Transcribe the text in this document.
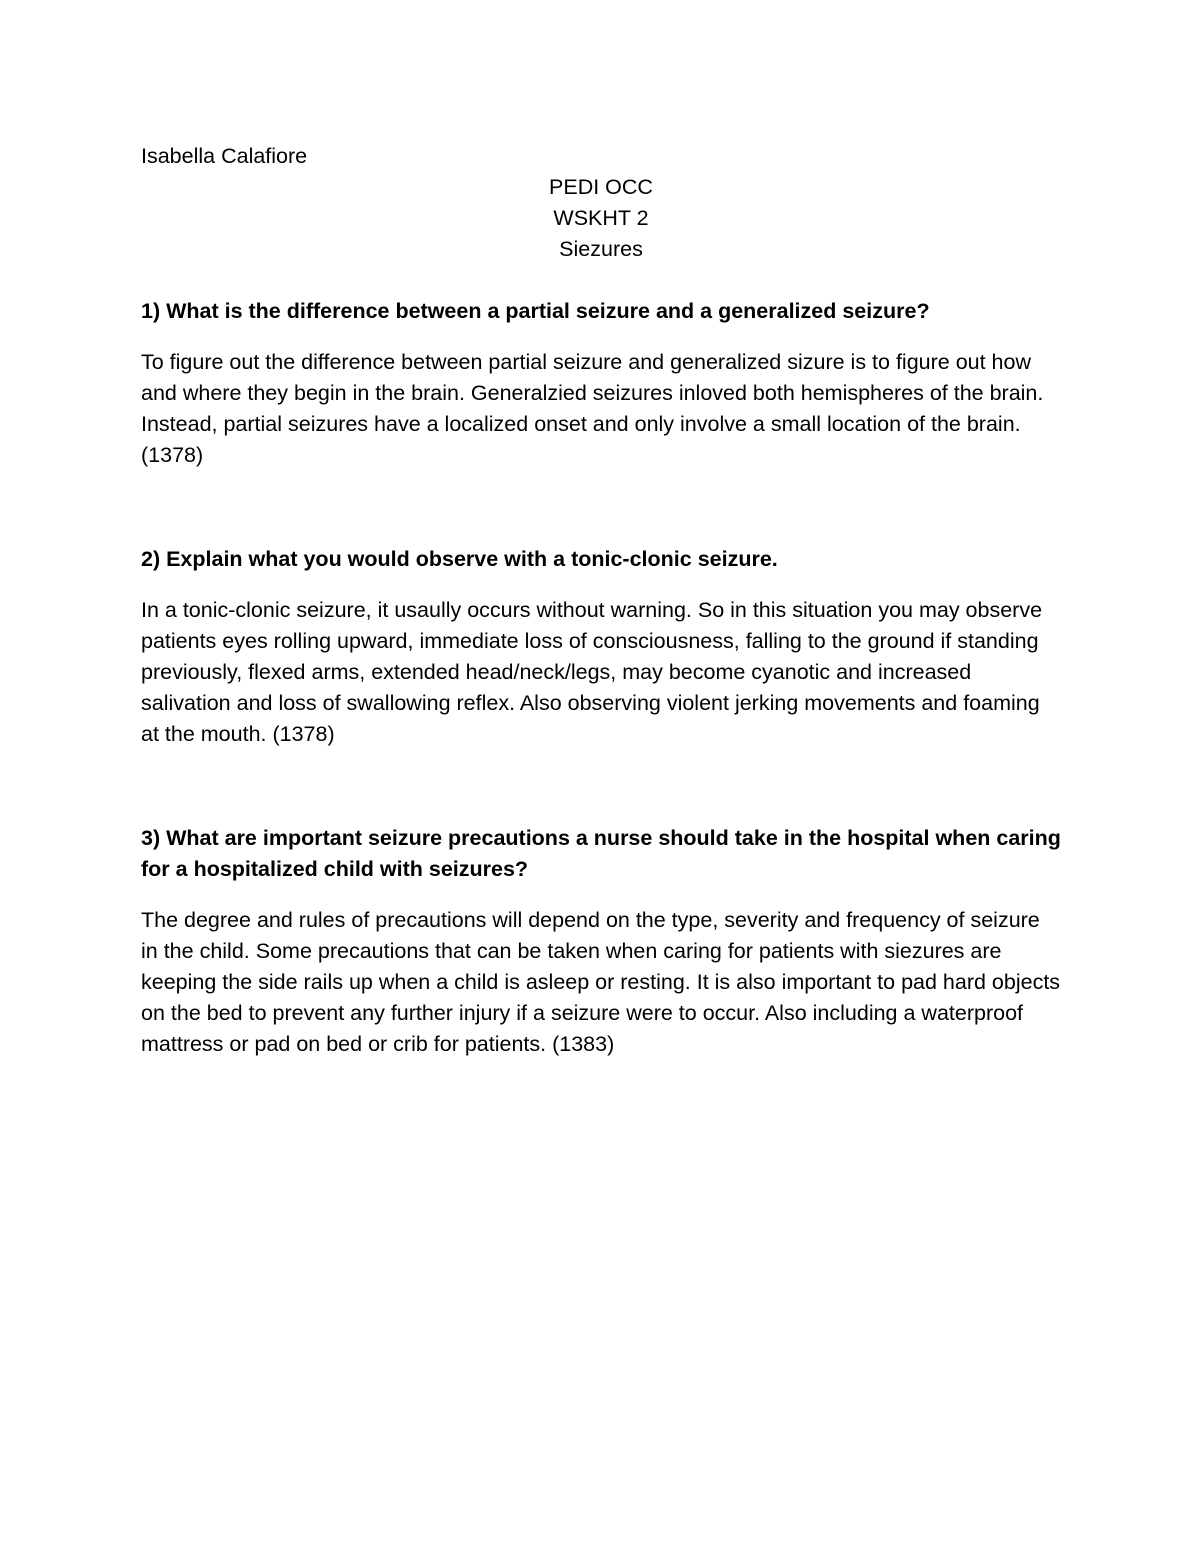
Isabella Calafiore

PEDI OCC
WSKHT 2
Siezures

1) What is the difference between a partial seizure and a generalized seizure?

To figure out the difference between partial seizure and generalized sizure is to figure out how and where they begin in the brain. Generalzied seizures inloved both hemispheres of the brain. Instead, partial seizures have a localized onset and only involve a small location of the brain. (1378)

2) Explain what you would observe with a tonic-clonic seizure.

In a tonic-clonic seizure, it usaully occurs without warning. So in this situation you may observe patients eyes rolling upward, immediate loss of consciousness, falling to the ground if standing previously, flexed arms, extended head/neck/legs, may become cyanotic and increased salivation and loss of swallowing reflex. Also observing violent jerking movements and foaming at the mouth. (1378)

3) What are important seizure precautions a nurse should take in the hospital when caring for a hospitalized child with seizures?

The degree and rules of precautions will depend on the type, severity and frequency of seizure in the child. Some precautions that can be taken when caring for patients with siezures are keeping the side rails up when a child is asleep or resting. It is also important to pad hard objects on the bed to prevent any further injury if a seizure were to occur. Also including a waterproof mattress or pad on bed or crib for patients. (1383)
